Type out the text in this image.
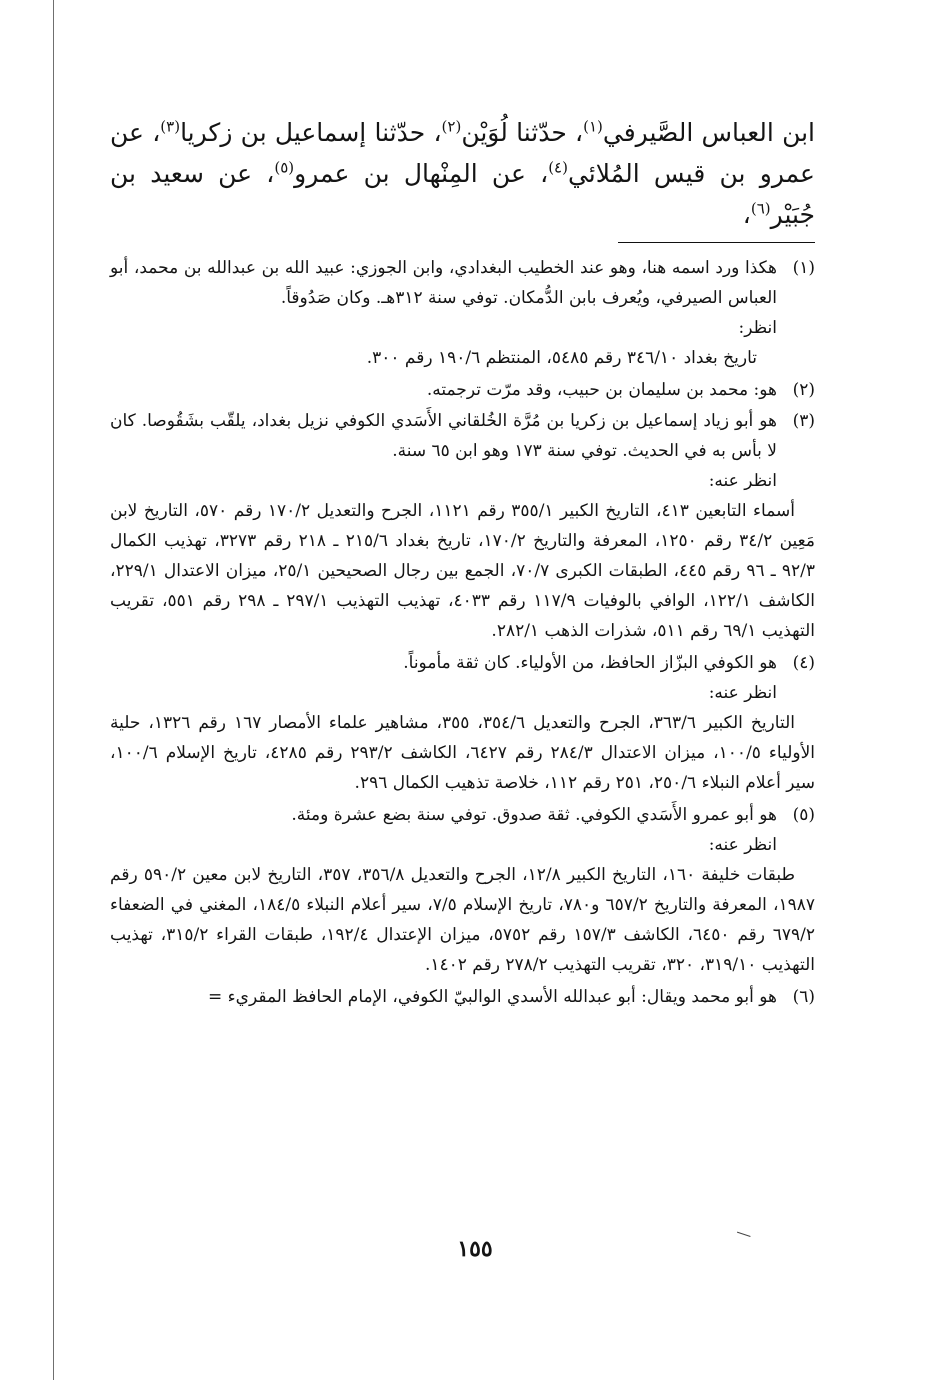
ابن العباس الصَّيرفي$^{(١)}$، حدّثنا لُوَيْن$^{(٢)}$، حدّثنا إسماعيل بن زكريا$^{(٣)}$، عن عمرو بن قيس المُلائي$^{(٤)}$، عن المِنْهال بن عمرو$^{(٥)}$، عن سعيد بن جُبَيْر$^{(٦)}$،

(١)هكذا ورد اسمه هنا، وهو عند الخطيب البغدادي، وابن الجوزي: عبيد الله بن عبدالله بن محمد، أبو العباس الصيرفي، ويُعرف بابن الدُّمكان. توفي سنة ٣١٢هـ. وكان صَدُوقاً.

انظر:

تاريخ بغداد ٣٤٦/١٠ رقم ٥٤٨٥، المنتظم ١٩٠/٦ رقم ٣٠٠.

(٢)هو: محمد بن سليمان بن حبيب، وقد مرّت ترجمته.

(٣)هو أبو زياد إسماعيل بن زكريا بن مُرَّة الخُلقاني الأَسَدي الكوفي نزيل بغداد، يلقّب بشَقُوصا. كان لا بأس به في الحديث. توفي سنة ١٧٣ وهو ابن ٦٥ سنة.

انظر عنه:

أسماء التابعين ٤١٣، التاريخ الكبير ٣٥٥/١ رقم ١١٢١، الجرح والتعديل ١٧٠/٢ رقم ٥٧٠، التاريخ لابن مَعِين ٣٤/٢ رقم ١٢٥٠، المعرفة والتاريخ ١٧٠/٢، تاريخ بغداد ٢١٥/٦ ـ ٢١٨ رقم ٣٢٧٣، تهذيب الكمال ٩٢/٣ ـ ٩٦ رقم ٤٤٥، الطبقات الكبرى ٧٠/٧، الجمع بين رجال الصحيحين ٢٥/١، ميزان الاعتدال ٢٢٩/١، الكاشف ١٢٢/١، الوافي بالوفيات ١١٧/٩ رقم ٤٠٣٣، تهذيب التهذيب ٢٩٧/١ ـ ٢٩٨ رقم ٥٥١، تقريب التهذيب ٦٩/١ رقم ٥١١، شذرات الذهب ٢٨٢/١.

(٤)هو الكوفي البزّاز الحافظ، من الأولياء. كان ثقة مأموناً.

انظر عنه:

التاريخ الكبير ٣٦٣/٦، الجرح والتعديل ٣٥٤/٦، ٣٥٥، مشاهير علماء الأمصار ١٦٧ رقم ١٣٢٦، حلية الأولياء ١٠٠/٥، ميزان الاعتدال ٢٨٤/٣ رقم ٦٤٢٧، الكاشف ٢٩٣/٢ رقم ٤٢٨٥، تاريخ الإسلام ١٠٠/٦، سير أعلام النبلاء ٢٥٠/٦، ٢٥١ رقم ١١٢، خلاصة تذهيب الكمال ٢٩٦.

(٥)هو أبو عمرو الأَسَدي الكوفي. ثقة صدوق. توفي سنة بضع عشرة ومئة.

انظر عنه:

طبقات خليفة ١٦٠، التاريخ الكبير ١٢/٨، الجرح والتعديل ٣٥٦/٨، ٣٥٧، التاريخ لابن معين ٥٩٠/٢ رقم ١٩٨٧، المعرفة والتاريخ ٦٥٧/٢ و٧٨٠، تاريخ الإسلام ٧/٥، سير أعلام النبلاء ١٨٤/٥، المغني في الضعفاء ٦٧٩/٢ رقم ٦٤٥٠، الكاشف ١٥٧/٣ رقم ٥٧٥٢، ميزان الإعتدال ١٩٢/٤، طبقات القراء ٣١٥/٢، تهذيب التهذيب ٣١٩/١٠، ٣٢٠، تقريب التهذيب ٢٧٨/٢ رقم ١٤٠٢.

(٦)هو أبو محمد ويقال: أبو عبدالله الأسدي الوالبيّ الكوفي، الإمام الحافظ المقريء =

١٥٥
